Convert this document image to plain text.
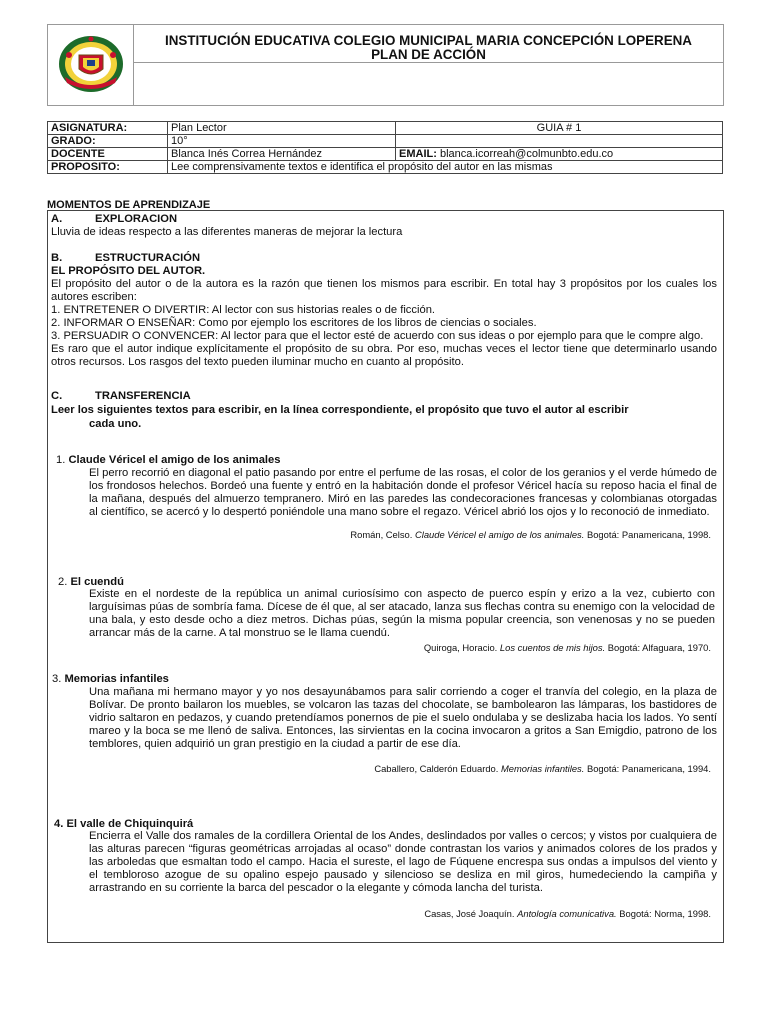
INSTITUCIÓN EDUCATIVA COLEGIO MUNICIPAL MARIA CONCEPCIÓN LOPERENA
PLAN DE ACCIÓN
ASIGNATURA:	Plan Lector	GUIA # 1
GRADO:	10°	
DOCENTE	Blanca Inés Correa Hernández	EMAIL: blanca.icorreah@colmunbto.edu.co
PROPOSITO:	Lee comprensivamente textos e identifica el propósito del autor en las mismas	
MOMENTOS DE APRENDIZAJE

A.	EXPLORACION

Lluvia de ideas respecto a las diferentes maneras de mejorar la lectura

B.	ESTRUCTURACIÓN

EL PROPÓSITO DEL AUTOR.

El propósito del autor o de la autora es la razón que tienen los mismos para escribir. En total hay 3 propósitos por los cuales los autores escriben:

1. ENTRETENER O DIVERTIR: Al lector con sus historias reales o de ficción.

2. INFORMAR O ENSEÑAR: Como por ejemplo los escritores de los libros de ciencias o sociales.

3. PERSUADIR O CONVENCER: Al lector para que el lector esté de acuerdo con sus ideas o por ejemplo para que le compre algo.

Es raro que el autor indique explícitamente el propósito de su obra. Por eso, muchas veces el lector tiene que determinarlo usando otros recursos. Los rasgos del texto pueden iluminar mucho en cuanto al propósito.

C.	TRANSFERENCIA

Leer los siguientes textos para escribir, en la línea correspondiente, el propósito que tuvo el autor al escribir

cada uno.

1. Claude Véricel el amigo de los animales
El perro recorrió en diagonal el patio pasando por entre el perfume de las rosas, el color de los geranios y el verde húmedo de los frondosos helechos. Bordeó una fuente y entró en la habitación donde el profesor Véricel hacía su reposo hacia el final de la mañana, después del almuerzo tempranero. Miró en las paredes las condecoraciones francesas y colombianas otorgadas al científico, se acercó y lo despertó poniéndole una mano sobre el regazo. Véricel abrió los ojos y lo reconoció de inmediato.
Román, Celso. Claude Véricel el amigo de los animales. Bogotá: Panamericana, 1998.
2. El cuendú
Existe en el nordeste de la república un animal curiosísimo con aspecto de puerco espín y erizo a la vez, cubierto con larguísimas púas de sombría fama. Dícese de él que, al ser atacado, lanza sus flechas contra su enemigo con la velocidad de una bala, y esto desde ocho a diez metros. Dichas púas, según la misma popular creencia, son venenosas y no se pueden arrancar más de la carne. A tal monstruo se le llama cuendú.
Quiroga, Horacio. Los cuentos de mis hijos. Bogotá: Alfaguara, 1970.
3. Memorias infantiles
Una mañana mi hermano mayor y yo nos desayunábamos para salir corriendo a coger el tranvía del colegio, en la plaza de Bolívar. De pronto bailaron los muebles, se volcaron las tazas del chocolate, se bambolearon las lámparas, los bastidores de vidrio saltaron en pedazos, y cuando pretendíamos ponernos de pie el suelo ondulaba y se deslizaba hacia los lados. Yo sentí mareo y la boca se me llenó de saliva. Entonces, las sirvientas en la cocina invocaron a gritos a San Emigdio, patrono de los temblores, quien adquirió un gran prestigio en la ciudad a partir de ese día.
Caballero, Calderón Eduardo. Memorias infantiles. Bogotá: Panamericana, 1994.
4. El valle de Chiquinquirá
Encierra el Valle dos ramales de la cordillera Oriental de los Andes, deslindados por valles o cercos; y vistos por cualquiera de las alturas parecen “figuras geométricas arrojadas al ocaso” donde contrastan los varios y animados colores de los prados y las arboledas que esmaltan todo el campo. Hacia el sureste, el lago de Fúquene encrespa sus ondas a impulsos del viento y el tembloroso azogue de su opalino espejo pausado y silencioso se desliza en mil giros, humedeciendo la campiña y arrastrando en su corriente la barca del pescador o la elegante y cómoda lancha del turista.
Casas, José Joaquín. Antología comunicativa. Bogotá: Norma, 1998.
